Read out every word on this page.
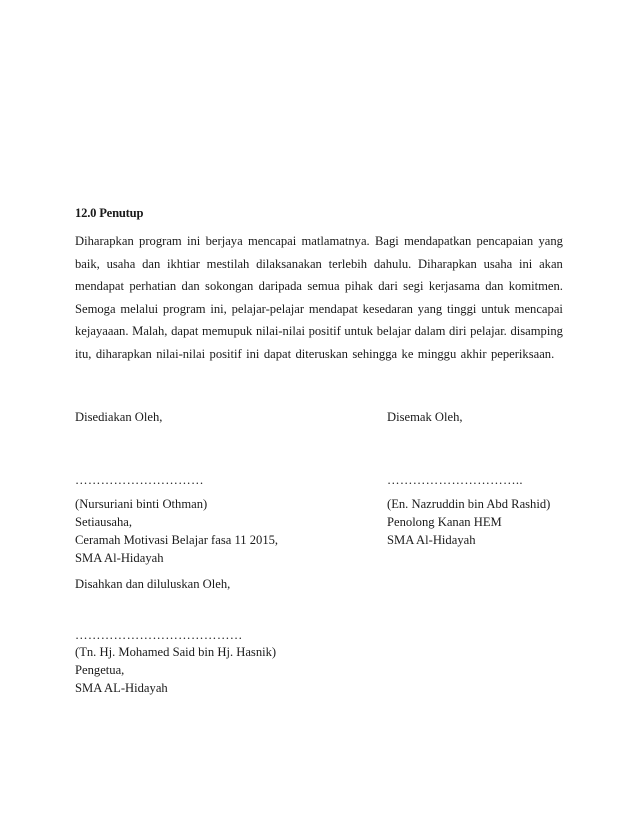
12.0 Penutup
Diharapkan program ini berjaya mencapai matlamatnya. Bagi mendapatkan pencapaian yang
baik, usaha dan ikhtiar mestilah dilaksanakan terlebih dahulu. Diharapkan usaha ini akan
mendapat perhatian dan sokongan daripada semua pihak dari segi kerjasama dan komitmen.
Semoga melalui program ini, pelajar-pelajar mendapat kesedaran yang tinggi untuk mencapai
kejayaaan. Malah, dapat memupuk nilai-nilai positif untuk belajar dalam diri pelajar. disamping
itu, diharapkan nilai-nilai positif ini dapat diteruskan sehingga ke minggu akhir peperiksaan.
Disediakan Oleh,
…………………………
(Nursuriani binti Othman)
Setiausaha,
Ceramah Motivasi Belajar fasa 11 2015,
SMA Al-Hidayah
Disemak Oleh,
…………………………..
(En. Nazruddin bin Abd Rashid)
Penolong Kanan HEM
SMA Al-Hidayah
Disahkan dan diluluskan Oleh,
…………………………………
(Tn. Hj. Mohamed Said bin Hj. Hasnik)
Pengetua,
SMA AL-Hidayah
